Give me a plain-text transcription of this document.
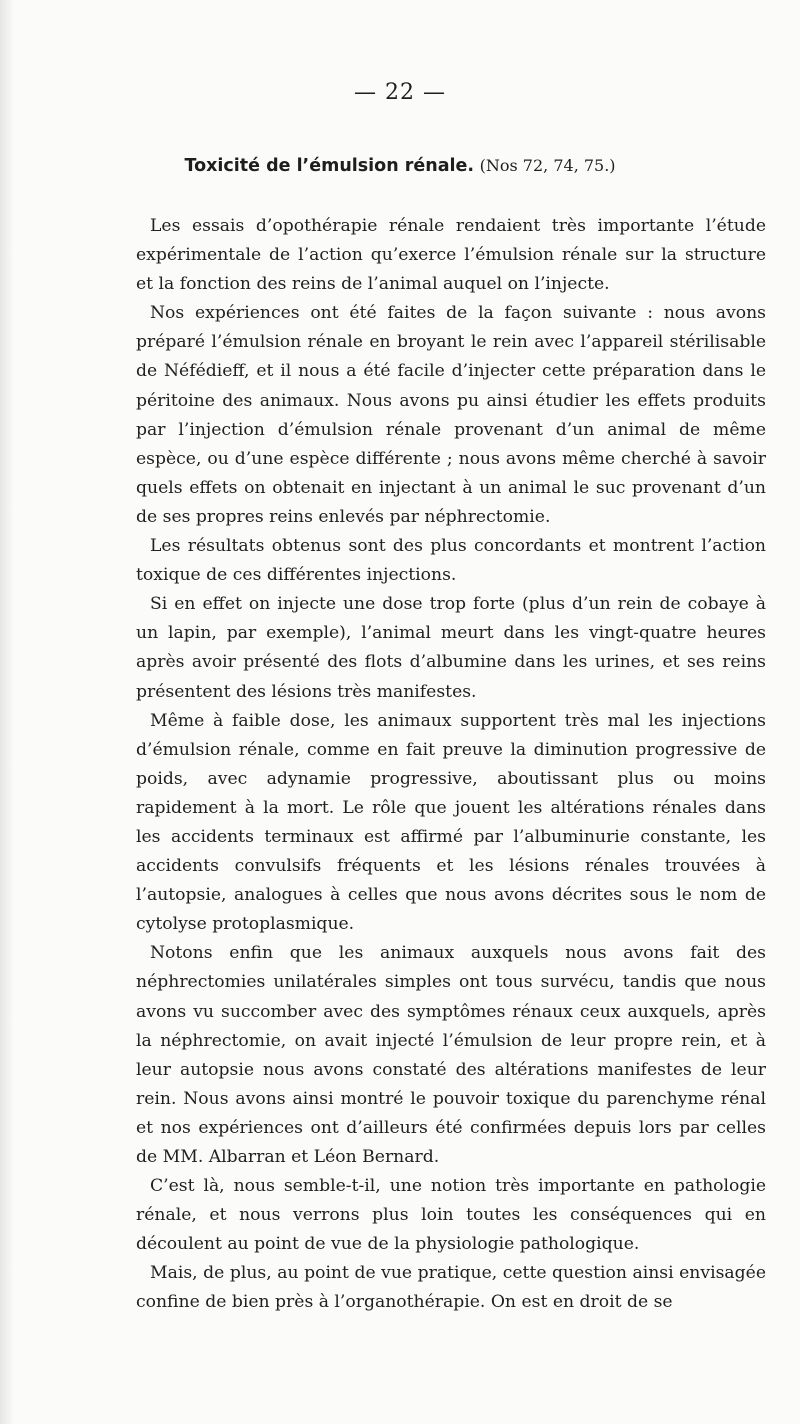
— 22 —
Toxicité de l’émulsion rénale. (Nos 72, 74, 75.)

Les essais d’opothérapie rénale rendaient très importante l’étude expérimentale de l’action qu’exerce l’émulsion rénale sur la structure et la fonction des reins de l’animal auquel on l’injecte.

Nos expériences ont été faites de la façon suivante : nous avons préparé l’émulsion rénale en broyant le rein avec l’appareil stérilisable de Néfédieff, et il nous a été facile d’injecter cette préparation dans le péritoine des animaux. Nous avons pu ainsi étudier les effets produits par l’injection d’émulsion rénale provenant d’un animal de même espèce, ou d’une espèce différente ; nous avons même cherché à savoir quels effets on obtenait en injectant à un animal le suc provenant d’un de ses propres reins enlevés par néphrectomie.

Les résultats obtenus sont des plus concordants et montrent l’action toxique de ces différentes injections.

Si en effet on injecte une dose trop forte (plus d’un rein de cobaye à un lapin, par exemple), l’animal meurt dans les vingt-quatre heures après avoir présenté des flots d’albumine dans les urines, et ses reins présentent des lésions très manifestes.

Même à faible dose, les animaux supportent très mal les injections d’émulsion rénale, comme en fait preuve la diminution progressive de poids, avec adynamie progressive, aboutissant plus ou moins rapidement à la mort. Le rôle que jouent les altérations rénales dans les accidents terminaux est affirmé par l’albuminurie constante, les accidents convulsifs fréquents et les lésions rénales trouvées à l’autopsie, analogues à celles que nous avons décrites sous le nom de cytolyse protoplasmique.

Notons enfin que les animaux auxquels nous avons fait des néphrectomies unilatérales simples ont tous survécu, tandis que nous avons vu succomber avec des symptômes rénaux ceux auxquels, après la néphrectomie, on avait injecté l’émulsion de leur propre rein, et à leur autopsie nous avons constaté des altérations manifestes de leur rein. Nous avons ainsi montré le pouvoir toxique du parenchyme rénal et nos expériences ont d’ailleurs été confirmées depuis lors par celles de MM. Albarran et Léon Bernard.

C’est là, nous semble-t-il, une notion très importante en pathologie rénale, et nous verrons plus loin toutes les conséquences qui en découlent au point de vue de la physiologie pathologique.

Mais, de plus, au point de vue pratique, cette question ainsi envisagée confine de bien près à l’organothérapie. On est en droit de se
